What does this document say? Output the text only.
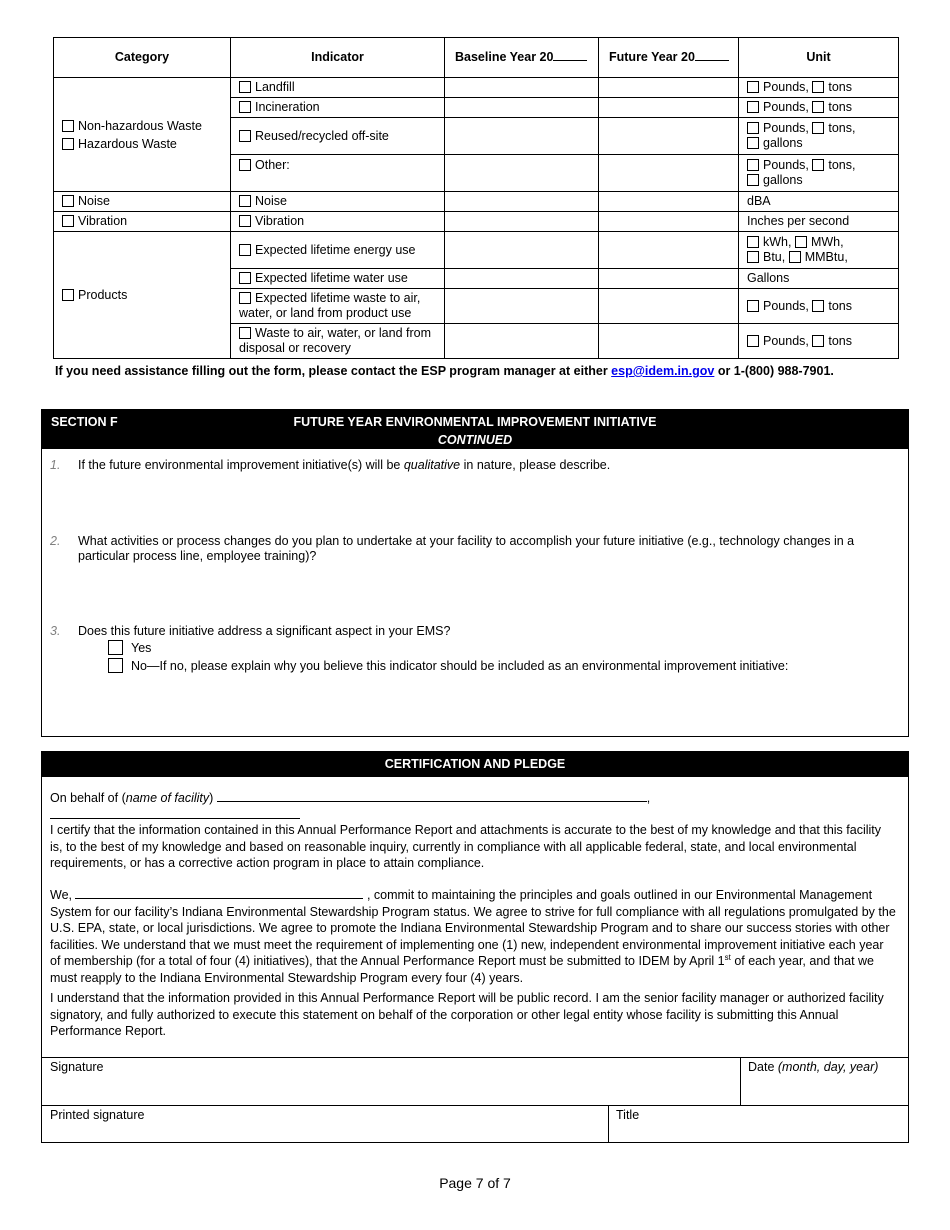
Category	Indicator	Baseline Year 20	Future Year 20	Unit

Non-hazardous Waste
Hazardous Waste	Landfill			Pounds, tons
	Incineration			Pounds, tons
	Reused/recycled off-site			Pounds, tons,
gallons
	Other:			Pounds, tons,
gallons
Noise	Noise			dBA
Vibration	Vibration			Inches per second
Products	Expected lifetime energy use			kWh, MWh,
Btu, MMBtu,
	Expected lifetime water use			Gallons
	Expected lifetime waste to air, water, or land from product use			Pounds, tons
	Waste to air, water, or land from disposal or recovery			Pounds, tons
If you need assistance filling out the form, please contact the ESP program manager at either esp@idem.in.gov or 1-(800) 988-7901.
SECTION F	FUTURE YEAR ENVIRONMENTAL IMPROVEMENT INITIATIVE
CONTINUED
1.	If the future environmental improvement initiative(s) will be qualitative in nature, please describe.
2.	What activities or process changes do you plan to undertake at your facility to accomplish your future initiative (e.g., technology changes in a particular process line, employee training)?
3.	Does this future initiative address a significant aspect in your EMS?
Yes
No—If no, please explain why you believe this indicator should be included as an environmental improvement initiative:
CERTIFICATION AND PLEDGE
On behalf of (name of facility)	,
I certify that the information contained in this Annual Performance Report and attachments is accurate to the best of my knowledge and that this facility is, to the best of my knowledge and based on reasonable inquiry, currently in compliance with all applicable federal, state, and local environmental requirements, or has a corrective action program in place to attain compliance.
We,	, commit to maintaining the principles and goals outlined in our Environmental Management System for our facility’s Indiana Environmental Stewardship Program status. We agree to strive for full compliance with all regulations promulgated by the U.S. EPA, state, or local jurisdictions. We agree to promote the Indiana Environmental Stewardship Program and to share our success stories with other facilities. We understand that we must meet the requirement of implementing one (1) new, independent environmental improvement initiative each year of membership (for a total of four (4) initiatives), that the Annual Performance Report must be submitted to IDEM by April 1st of each year, and that we must reapply to the Indiana Environmental Stewardship Program every four (4) years.
I understand that the information provided in this Annual Performance Report will be public record. I am the senior facility manager or authorized facility signatory, and fully authorized to execute this statement on behalf of the corporation or other legal entity whose facility is submitting this Annual Performance Report.
Signature	Date (month, day, year)
Printed signature	Title
Page 7 of 7
